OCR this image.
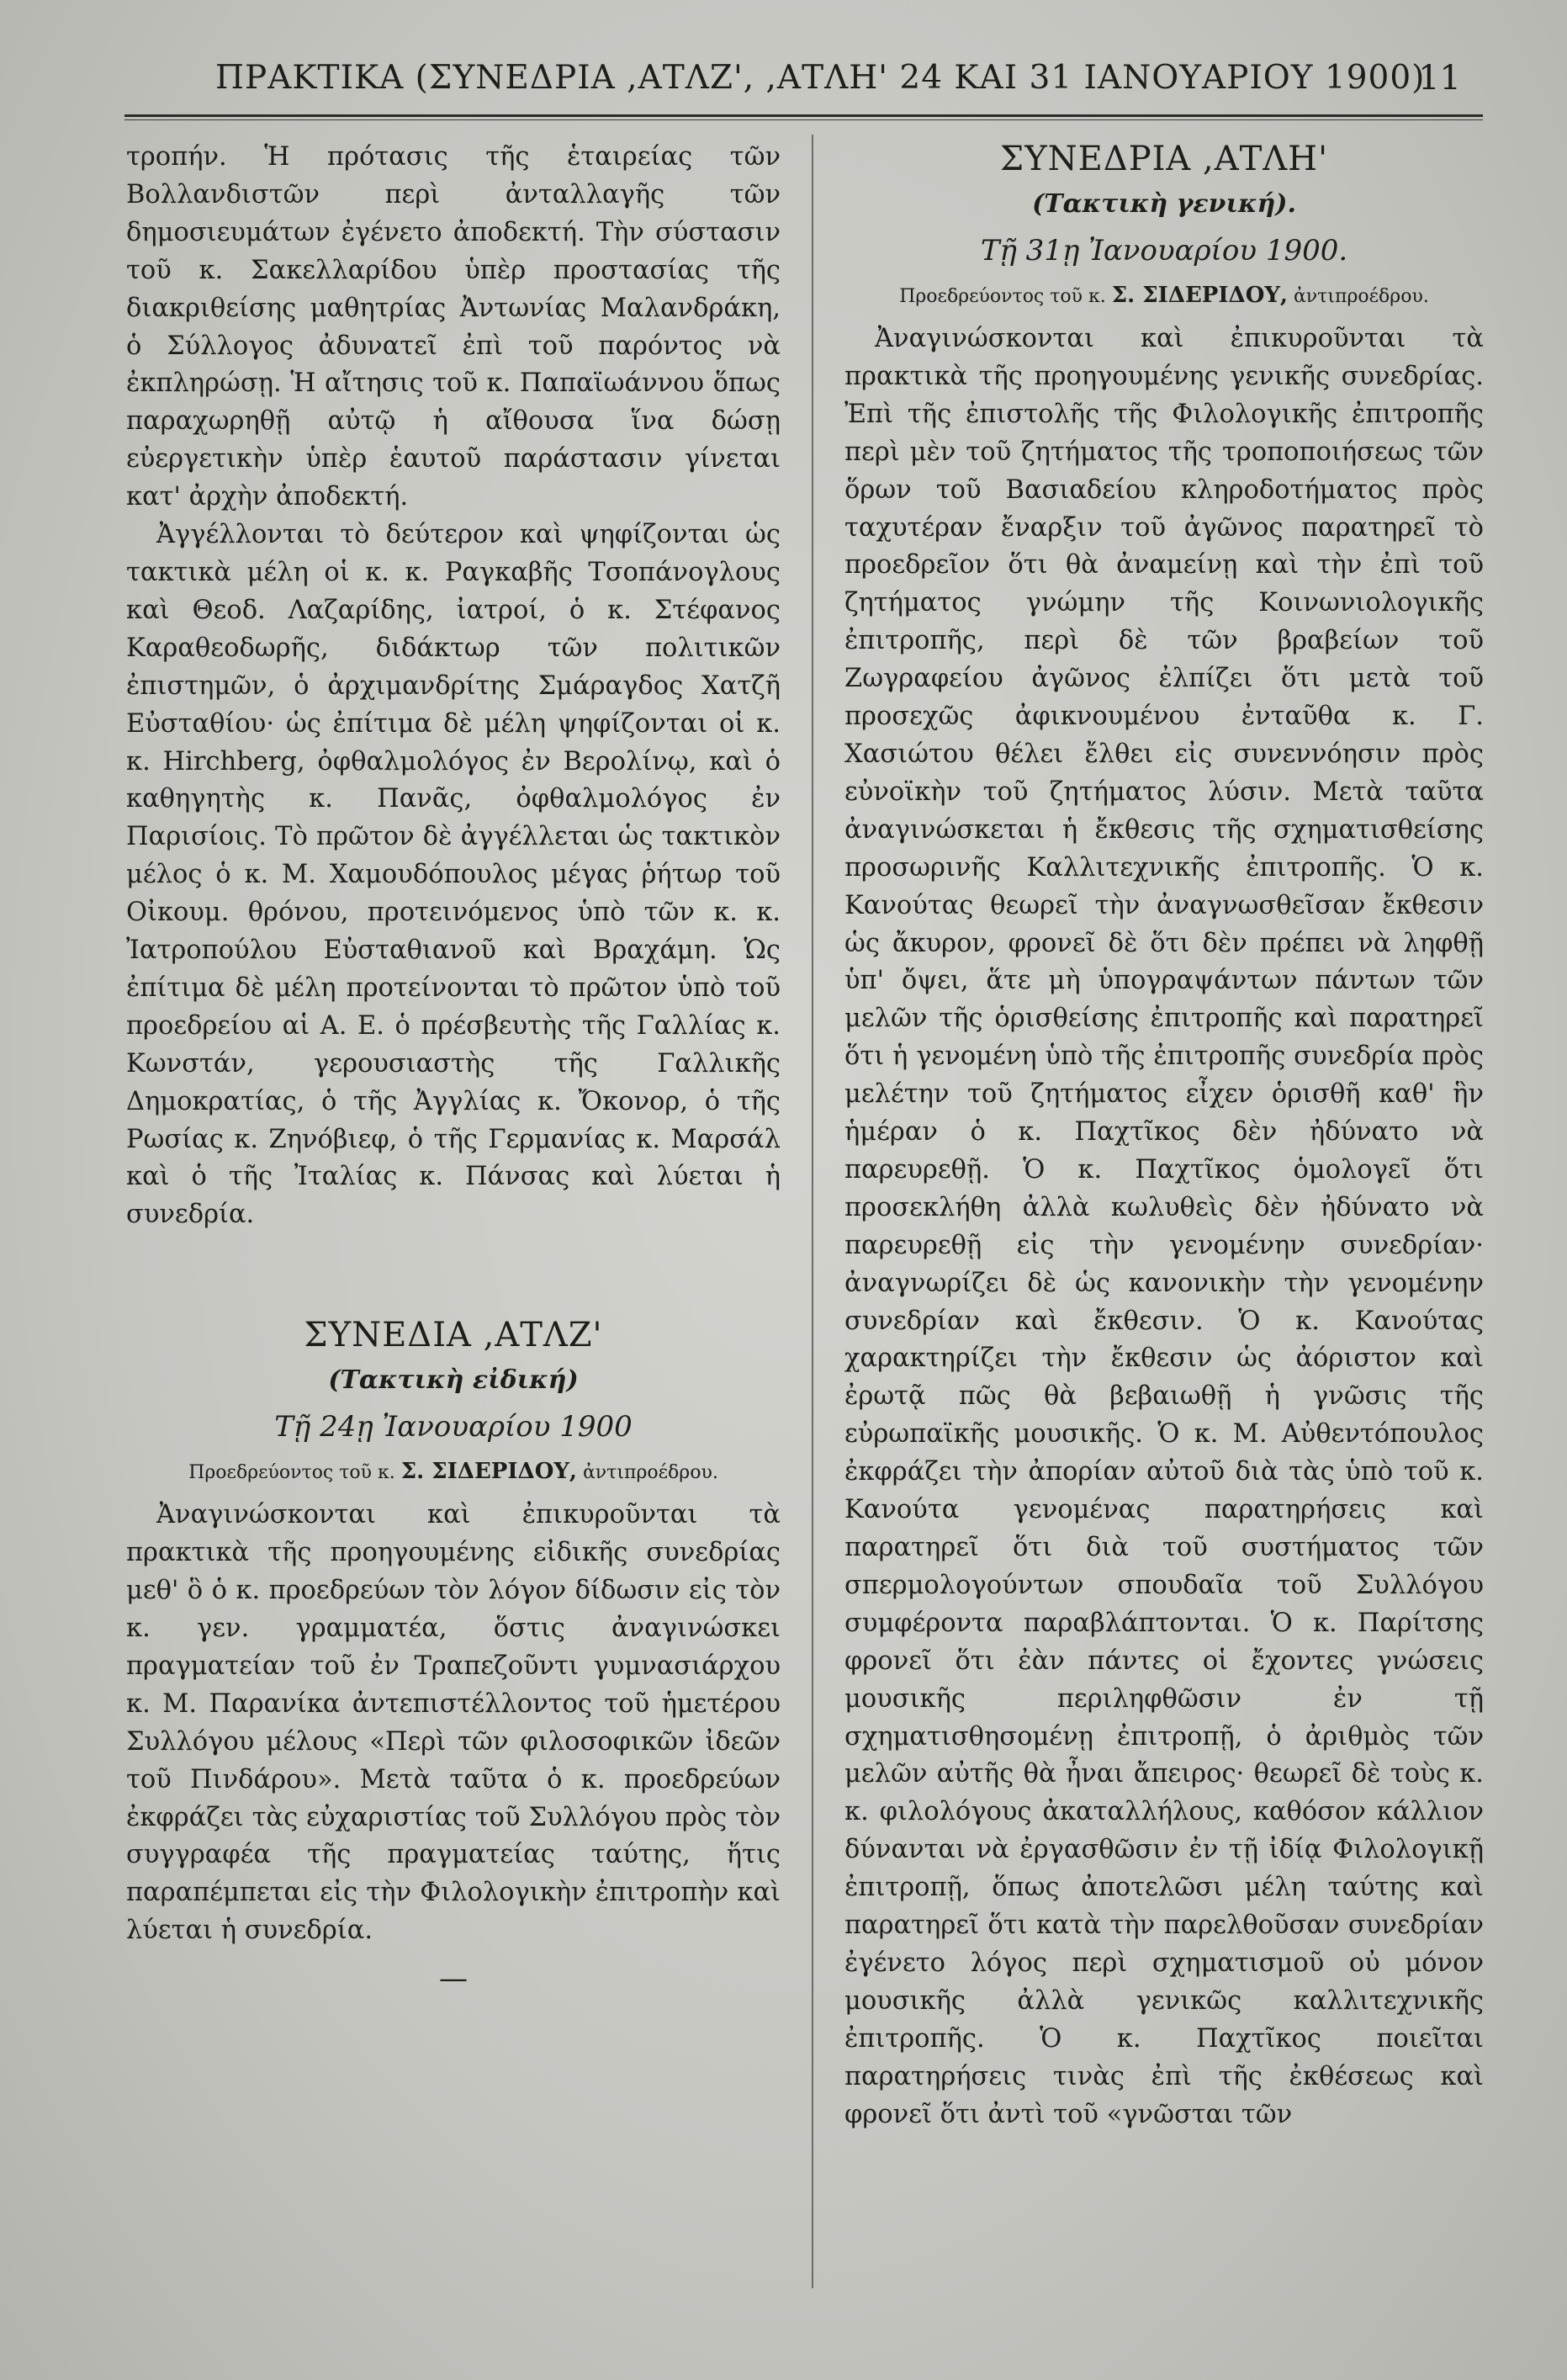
ΠΡΑΚΤΙΚΑ (ΣΥΝΕΔΡΙΑ ,ΑΤΛΖ', ,ΑΤΛΗ' 24 ΚΑΙ 31 ΙΑΝΟΥΑΡΙΟΥ 1900)
11

τροπήν. Ἡ πρότασις τῆς ἑταιρείας τῶν Βολλανδιστῶν περὶ ἀνταλλαγῆς τῶν δημοσιευμάτων ἐγένετο ἀποδεκτή. Τὴν σύστασιν τοῦ κ. Σακελλαρίδου ὑπὲρ προστασίας τῆς διακριθείσης μαθητρίας Ἀντωνίας Μαλανδράκη, ὁ Σύλλογος ἀδυνατεῖ ἐπὶ τοῦ παρόντος νὰ ἐκπληρώσῃ. Ἡ αἴτησις τοῦ κ. Παπαϊωάννου ὅπως παραχωρηθῇ αὐτῷ ἡ αἴθουσα ἵνα δώσῃ εὐεργετικὴν ὑπὲρ ἑαυτοῦ παράστασιν γίνεται κατ' ἀρχὴν ἀποδεκτή.

Ἀγγέλλονται τὸ δεύτερον καὶ ψηφίζονται ὡς τακτικὰ μέλη οἱ κ. κ. Ραγκαβῆς Τσοπάνογλους καὶ Θεοδ. Λαζαρίδης, ἰατροί, ὁ κ. Στέφανος Καραθεοδωρῆς, διδάκτωρ τῶν πολιτικῶν ἐπιστημῶν, ὁ ἀρχιμανδρίτης Σμάραγδος Χατζῆ Εὐσταθίου· ὡς ἐπίτιμα δὲ μέλη ψηφίζονται οἱ κ. κ. Hirchberg, ὀφθαλμολόγος ἐν Βερολίνῳ, καὶ ὁ καθηγητὴς κ. Πανᾶς, ὀφθαλμολόγος ἐν Παρισίοις. Τὸ πρῶτον δὲ ἀγγέλλεται ὡς τακτικὸν μέλος ὁ κ. Μ. Χαμουδόπουλος μέγας ῥήτωρ τοῦ Οἰκουμ. θρόνου, προτεινόμενος ὑπὸ τῶν κ. κ. Ἰατροπούλου Εὐσταθιανοῦ καὶ Βραχάμη. Ὡς ἐπίτιμα δὲ μέλη προτείνονται τὸ πρῶτον ὑπὸ τοῦ προεδρείου αἱ Α. Ε. ὁ πρέσβευτὴς τῆς Γαλλίας κ. Κωνστάν, γερουσιαστὴς τῆς Γαλλικῆς Δημοκρατίας, ὁ τῆς Ἀγγλίας κ. Ὄκονορ, ὁ τῆς Ρωσίας κ. Ζηνόβιεφ, ὁ τῆς Γερμανίας κ. Μαρσάλ καὶ ὁ τῆς Ἰταλίας κ. Πάνσας καὶ λύεται ἡ συνεδρία.

ΣΥΝΕΔΙΑ ,ΑΤΛΖ'

(Τακτικὴ εἰδική)

Τῇ 24ῃ Ἰανουαρίου 1900

Προεδρεύοντος τοῦ κ. Σ. ΣΙΔΕΡΙΔΟΥ, ἀντιπροέδρου.

Ἀναγινώσκονται καὶ ἐπικυροῦνται τὰ πρακτικὰ τῆς προηγουμένης εἰδικῆς συνεδρίας μεθ' ὃ ὁ κ. προεδρεύων τὸν λόγον δίδωσιν εἰς τὸν κ. γεν. γραμματέα, ὅστις ἀναγινώσκει πραγματείαν τοῦ ἐν Τραπεζοῦντι γυμνασιάρχου κ. Μ. Παρανίκα ἀντεπιστέλλοντος τοῦ ἡμετέρου Συλλόγου μέλους «Περὶ τῶν φιλοσοφικῶν ἰδεῶν τοῦ Πινδάρου». Μετὰ ταῦτα ὁ κ. προεδρεύων ἐκφράζει τὰς εὐχαριστίας τοῦ Συλλόγου πρὸς τὸν συγγραφέα τῆς πραγματείας ταύτης, ἥτις παραπέμπεται εἰς τὴν Φιλολογικὴν ἐπιτροπὴν καὶ λύεται ἡ συνεδρία.

—

ΣΥΝΕΔΡΙΑ ,ΑΤΛΗ'

(Τακτικὴ γενική).

Τῇ 31ῃ Ἰανουαρίου 1900.

Προεδρεύοντος τοῦ κ. Σ. ΣΙΔΕΡΙΔΟΥ, ἀντιπροέδρου.

Ἀναγινώσκονται καὶ ἐπικυροῦνται τὰ πρακτικὰ τῆς προηγουμένης γενικῆς συνεδρίας. Ἐπὶ τῆς ἐπιστολῆς τῆς Φιλολογικῆς ἐπιτροπῆς περὶ μὲν τοῦ ζητήματος τῆς τροποποιήσεως τῶν ὅρων τοῦ Βασιαδείου κληροδοτήματος πρὸς ταχυτέραν ἔναρξιν τοῦ ἀγῶνος παρατηρεῖ τὸ προεδρεῖον ὅτι θὰ ἀναμείνῃ καὶ τὴν ἐπὶ τοῦ ζητήματος γνώμην τῆς Κοινωνιολογικῆς ἐπιτροπῆς, περὶ δὲ τῶν βραβείων τοῦ Ζωγραφείου ἀγῶνος ἐλπίζει ὅτι μετὰ τοῦ προσεχῶς ἀφικνουμένου ἐνταῦθα κ. Γ. Χασιώτου θέλει ἔλθει εἰς συνεννόησιν πρὸς εὐνοϊκὴν τοῦ ζητήματος λύσιν. Μετὰ ταῦτα ἀναγινώσκεται ἡ ἔκθεσις τῆς σχηματισθείσης προσωρινῆς Καλλιτεχνικῆς ἐπιτροπῆς. Ὁ κ. Κανούτας θεωρεῖ τὴν ἀναγνωσθεῖσαν ἔκθεσιν ὡς ἄκυρον, φρονεῖ δὲ ὅτι δὲν πρέπει νὰ ληφθῇ ὑπ' ὄψει, ἅτε μὴ ὑπογραψάντων πάντων τῶν μελῶν τῆς ὁρισθείσης ἐπιτροπῆς καὶ παρατηρεῖ ὅτι ἡ γενομένη ὑπὸ τῆς ἐπιτροπῆς συνεδρία πρὸς μελέτην τοῦ ζητήματος εἶχεν ὁρισθῆ καθ' ἣν ἡμέραν ὁ κ. Παχτῖκος δὲν ἠδύνατο νὰ παρευρεθῇ. Ὁ κ. Παχτῖκος ὁμολογεῖ ὅτι προσεκλήθη ἀλλὰ κωλυθεὶς δὲν ἠδύνατο νὰ παρευρεθῇ εἰς τὴν γενομένην συνεδρίαν· ἀναγνωρίζει δὲ ὡς κανονικὴν τὴν γενομένην συνεδρίαν καὶ ἔκθεσιν. Ὁ κ. Κανούτας χαρακτηρίζει τὴν ἔκθεσιν ὡς ἀόριστον καὶ ἐρωτᾷ πῶς θὰ βεβαιωθῇ ἡ γνῶσις τῆς εὐρωπαϊκῆς μουσικῆς. Ὁ κ. Μ. Αὐθεντόπουλος ἐκφράζει τὴν ἀπορίαν αὐτοῦ διὰ τὰς ὑπὸ τοῦ κ. Κανούτα γενομένας παρατηρήσεις καὶ παρατηρεῖ ὅτι διὰ τοῦ συστήματος τῶν σπερμολογούντων σπουδαῖα τοῦ Συλλόγου συμφέροντα παραβλάπτονται. Ὁ κ. Παρίτσης φρονεῖ ὅτι ἐὰν πάντες οἱ ἔχοντες γνώσεις μουσικῆς περιληφθῶσιν ἐν τῇ σχηματισθησομένῃ ἐπιτροπῇ, ὁ ἀριθμὸς τῶν μελῶν αὐτῆς θὰ ἦναι ἄπειρος· θεωρεῖ δὲ τοὺς κ. κ. φιλολόγους ἀκαταλλήλους, καθόσον κάλλιον δύνανται νὰ ἐργασθῶσιν ἐν τῇ ἰδίᾳ Φιλολογικῇ ἐπιτροπῇ, ὅπως ἀποτελῶσι μέλη ταύτης καὶ παρατηρεῖ ὅτι κατὰ τὴν παρελθοῦσαν συνεδρίαν ἐγένετο λόγος περὶ σχηματισμοῦ οὐ μόνον μουσικῆς ἀλλὰ γενικῶς καλλιτεχνικῆς ἐπιτροπῆς. Ὁ κ. Παχτῖκος ποιεῖται παρατηρήσεις τινὰς ἐπὶ τῆς ἐκθέσεως καὶ φρονεῖ ὅτι ἀντὶ τοῦ «γνῶσται τῶν
